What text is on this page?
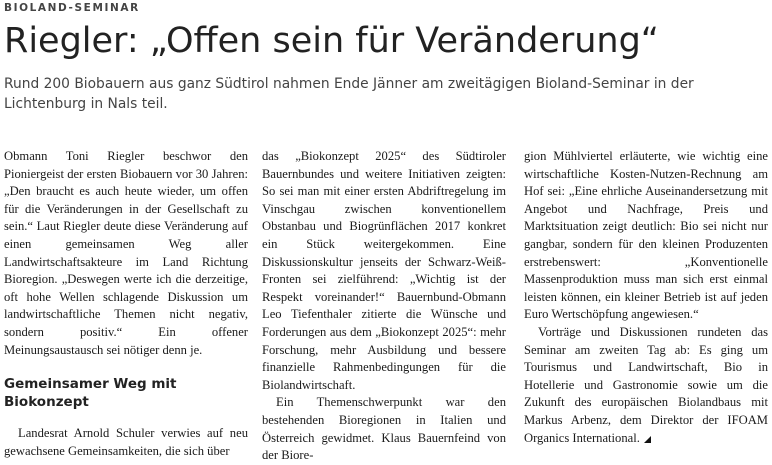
BIOLAND-SEMINAR
Riegler: „Offen sein für Veränderung“

Rund 200 Biobauern aus ganz Südtirol nahmen Ende Jänner am zweitägigen Bioland-Seminar in der Lichtenburg in Nals teil.

Obmann Toni Riegler beschwor den Pioniergeist der ersten Biobauern vor 30 Jahren: „Den braucht es auch heute wieder, um offen für die Veränderungen in der Gesellschaft zu sein.“ Laut Riegler deute diese Veränderung auf einen gemeinsamen Weg aller Landwirtschaftsakteure im Land Richtung Bioregion. „Deswegen werte ich die derzeitige, oft hohe Wellen schlagende Diskussion um landwirtschaftliche Themen nicht negativ, sondern positiv.“ Ein offener Meinungsaustausch sei nötiger denn je.

Gemeinsamer Weg mit Biokonzept

Landesrat Arnold Schuler verwies auf neu gewachsene Gemeinsamkeiten, die sich über

das „Biokonzept 2025“ des Südtiroler Bauernbundes und weitere Initiativen zeigten: So sei man mit einer ersten Abdriftregelung im Vinschgau zwischen konventionellem Obstanbau und Biogrünflächen 2017 konkret ein Stück weitergekommen. Eine Diskussionskultur jenseits der Schwarz-Weiß-Fronten sei zielführend: „Wichtig ist der Respekt voreinander!“ Bauernbund-Obmann Leo Tiefenthaler zitierte die Wünsche und Forderungen aus dem „Biokonzept 2025“: mehr Forschung, mehr Ausbildung und bessere finanzielle Rahmenbedingungen für die Biolandwirtschaft.

Ein Themenschwerpunkt war den bestehenden Bioregionen in Italien und Österreich gewidmet. Klaus Bauernfeind von der Biore-

gion Mühlviertel erläuterte, wie wichtig eine wirtschaftliche Kosten-Nutzen-Rechnung am Hof sei: „Eine ehrliche Auseinandersetzung mit Angebot und Nachfrage, Preis und Marktsituation zeigt deutlich: Bio sei nicht nur gangbar, sondern für den kleinen Produzenten erstrebenswert: „Konventionelle Massenproduktion muss man sich erst einmal leisten können, ein kleiner Betrieb ist auf jeden Euro Wertschöpfung angewiesen.“

Vorträge und Diskussionen rundeten das Seminar am zweiten Tag ab: Es ging um Tourismus und Landwirtschaft, Bio in Hotellerie und Gastronomie sowie um die Zukunft des europäischen Biolandbaus mit Markus Arbenz, dem Direktor der IFOAM Organics International.
